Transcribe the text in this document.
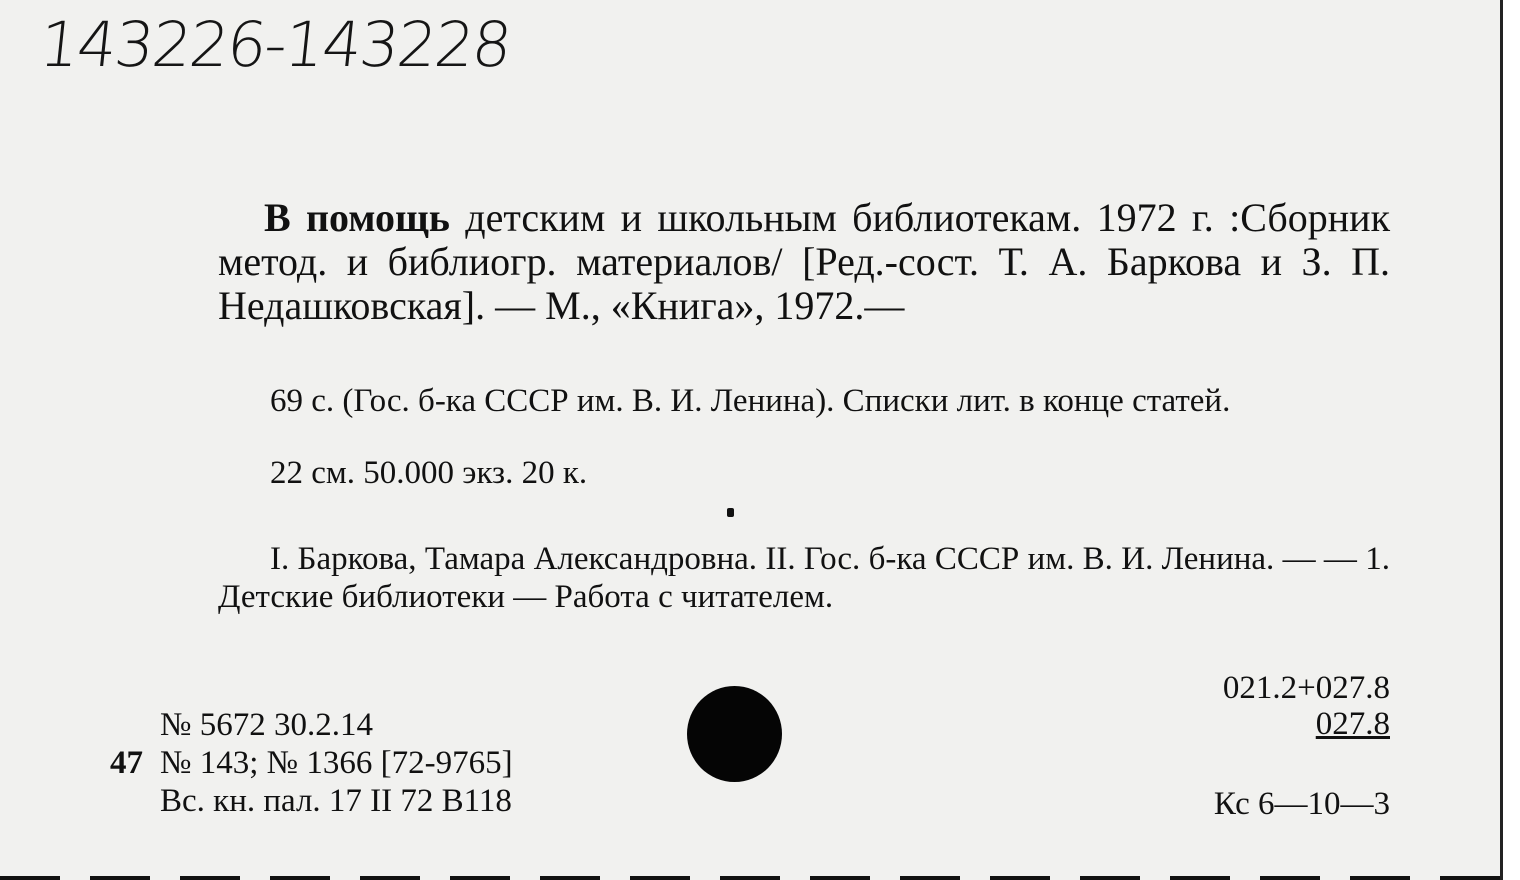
143226-143228
В помощь детским и школьным библиотекам. 1972 г. :Сборник метод. и библиогр. материалов/ [Ред.-сост. Т. А. Баркова и З. П. Недашковская]. — М., «Книга», 1972.—
69 с. (Гос. б-ка СССР им. В. И. Ленина). Списки лит. в конце статей.
22 см. 50.000 экз. 20 к.
I. Баркова, Тамара Александровна. II. Гос. б-ка СССР им. В. И. Ленина. — — 1. Детские библиотеки — Работа с читателем.
№ 5672 30.2.14
47 № 143; № 1366 [72-9765]
Вс. кн. пал. 17 II 72 B118
021.2+027.8
027.8
Кс 6—10—3
